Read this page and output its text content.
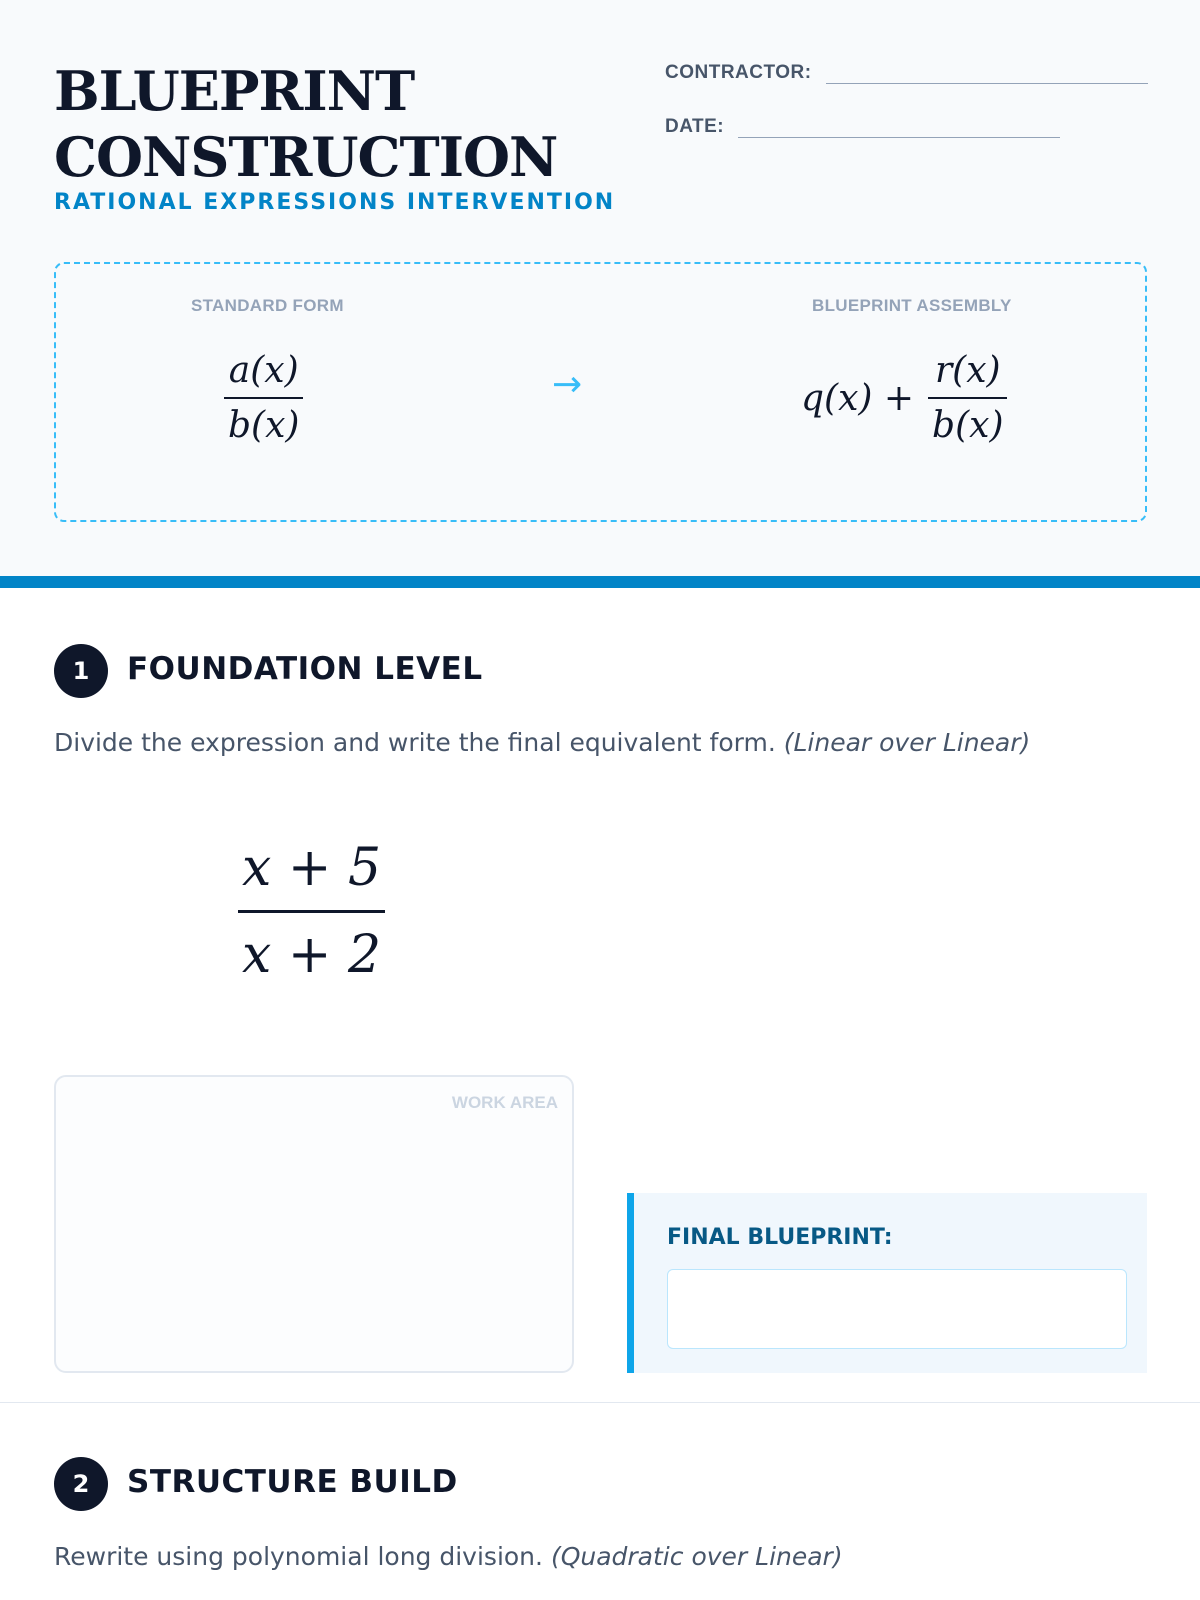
BLUEPRINT
CONSTRUCTION
RATIONAL EXPRESSIONS INTERVENTION
CONTRACTOR:
DATE:
STANDARD FORM	BLUEPRINT ASSEMBLY
$\frac{a(x)}{b(x)}$	→	$q(x) + \frac{r(x)}{b(x)}$
1	FOUNDATION LEVEL
Divide the expression and write the final equivalent form. (Linear over Linear)
$\frac{x + 5}{x + 2}$
WORK AREA
FINAL BLUEPRINT:
2	STRUCTURE BUILD
Rewrite using polynomial long division. (Quadratic over Linear)
